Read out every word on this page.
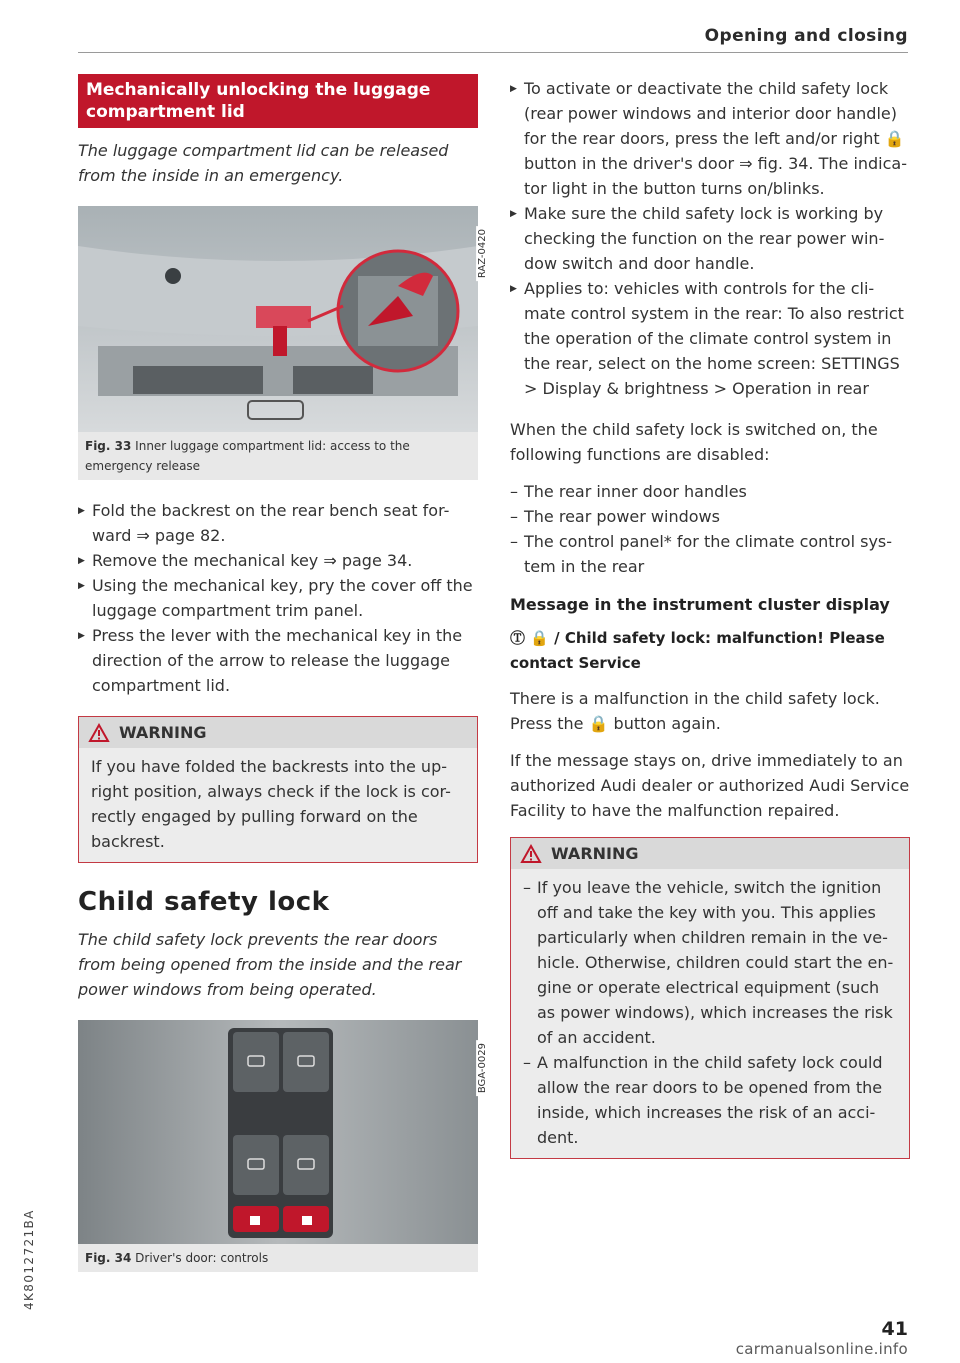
Opening and closing
4K8012721BA
Mechanically unlocking the luggage compartment lid
The luggage compartment lid can be released from the inside in an emergency.
RAZ-0420
Fig. 33 Inner luggage compartment lid: access to the emergency release
▶ Fold the backrest on the rear bench seat for-ward ⇒ page 82.
▶ Remove the mechanical key ⇒ page 34.
▶ Using the mechanical key, pry the cover off the luggage compartment trim panel.
▶ Press the lever with the mechanical key in the direction of the arrow to release the luggage compartment lid.
WARNING
If you have folded the backrests into the up-right position, always check if the lock is cor-rectly engaged by pulling forward on the backrest.
Child safety lock
The child safety lock prevents the rear doors from being opened from the inside and the rear power windows from being operated.
BGA-0029
Fig. 34 Driver's door: controls
▶ To activate or deactivate the child safety lock (rear power windows and interior door handle) for the rear doors, press the left and/or right 🔒 button in the driver's door ⇒ fig. 34. The indica-tor light in the button turns on/blinks.
▶ Make sure the child safety lock is working by checking the function on the rear power win-dow switch and door handle.
▶ Applies to: vehicles with controls for the cli-mate control system in the rear: To also restrict the operation of the climate control system in the rear, select on the home screen: SETTINGS > Display & brightness > Operation in rear
When the child safety lock is switched on, the following functions are disabled:
– The rear inner door handles
– The rear power windows
– The control panel* for the climate control sys-tem in the rear
Message in the instrument cluster display
Ⓣ 🔒 / Child safety lock: malfunction! Please contact Service
There is a malfunction in the child safety lock. Press the 🔒 button again.
If the message stays on, drive immediately to an authorized Audi dealer or authorized Audi Service Facility to have the malfunction repaired.
WARNING
– If you leave the vehicle, switch the ignition off and take the key with you. This applies particularly when children remain in the ve-hicle. Otherwise, children could start the en-gine or operate electrical equipment (such as power windows), which increases the risk of an accident.
– A malfunction in the child safety lock could allow the rear doors to be opened from the inside, which increases the risk of an acci-dent.
41
carmanualsonline.info
